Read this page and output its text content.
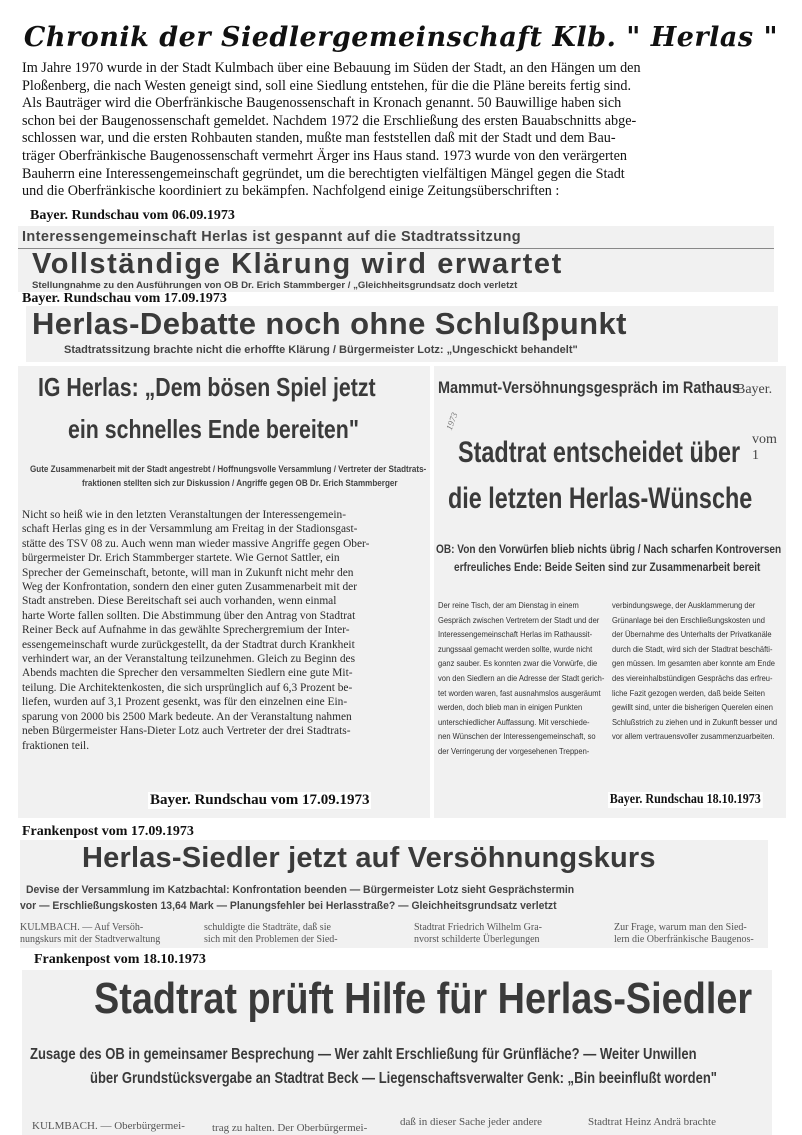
Chronik der Siedlergemeinschaft Klb. " Herlas "
Im Jahre 1970 wurde in der Stadt Kulmbach über eine Bebauung im Süden der Stadt, an den Hängen um den
Ploßenberg, die nach Westen geneigt sind, soll eine Siedlung entstehen, für die die Pläne bereits fertig sind.
Als Bauträger wird die Oberfränkische Baugenossenschaft in Kronach genannt. 50 Bauwillige haben sich
schon bei der Baugenossenschaft gemeldet. Nachdem 1972 die Erschließung des ersten Bauabschnitts abge-
schlossen war, und die ersten Rohbauten standen, mußte man feststellen daß mit der Stadt und dem Bau-
träger Oberfränkische Baugenossenschaft vermehrt Ärger ins Haus stand. 1973 wurde von den verärgerten
Bauherrn eine Interessengemeinschaft gegründet, um die berechtigten vielfältigen Mängel gegen die Stadt
und die Oberfränkische koordiniert zu bekämpfen. Nachfolgend einige Zeitungsüberschriften :
Bayer. Rundschau vom 06.09.1973
Interessengemeinschaft Herlas ist gespannt auf die Stadtratssitzung
Vollständige Klärung wird erwartet
Stellungnahme zu den Ausführungen von OB Dr. Erich Stammberger / „Gleichheitsgrundsatz doch verletzt
Bayer. Rundschau vom 17.09.1973
Herlas-Debatte noch ohne Schlußpunkt
Stadtratssitzung brachte nicht die erhoffte Klärung / Bürgermeister Lotz: „Ungeschickt behandelt"
IG Herlas: „Dem bösen Spiel jetzt
ein schnelles Ende bereiten"
Gute Zusammenarbeit mit der Stadt angestrebt / Hoffnungsvolle Versammlung / Vertreter der Stadtrats-
fraktionen stellten sich zur Diskussion / Angriffe gegen OB Dr. Erich Stammberger
Nicht so heiß wie in den letzten Veranstaltungen der Interessengemein-
schaft Herlas ging es in der Versammlung am Freitag in der Stadionsgast-
stätte des TSV 08 zu. Auch wenn man wieder massive Angriffe gegen Ober-
bürgermeister Dr. Erich Stammberger startete. Wie Gernot Sattler, ein
Sprecher der Gemeinschaft, betonte, will man in Zukunft nicht mehr den
Weg der Konfrontation, sondern den einer guten Zusammenarbeit mit der
Stadt anstreben. Diese Bereitschaft sei auch vorhanden, wenn einmal
harte Worte fallen sollten. Die Abstimmung über den Antrag von Stadtrat
Reiner Beck auf Aufnahme in das gewählte Sprechergremium der Inter-
essengemeinschaft wurde zurückgestellt, da der Stadtrat durch Krankheit
verhindert war, an der Veranstaltung teilzunehmen. Gleich zu Beginn des
Abends machten die Sprecher den versammelten Siedlern eine gute Mit-
teilung. Die Architektenkosten, die sich ursprünglich auf 6,3 Prozent be-
liefen, wurden auf 3,1 Prozent gesenkt, was für den einzelnen eine Ein-
sparung von 2000 bis 2500 Mark bedeute. An der Veranstaltung nahmen
neben Bürgermeister Hans-Dieter Lotz auch Vertreter der drei Stadtrats-
fraktionen teil.
Bayer. Rundschau vom 17.09.1973
Mammut-Versöhnungsgespräch im Rathaus
Bayer.
vom 1
1973
Stadtrat entscheidet über
die letzten Herlas-Wünsche
OB: Von den Vorwürfen blieb nichts übrig / Nach scharfen Kontroversen
erfreuliches Ende: Beide Seiten sind zur Zusammenarbeit bereit
Der reine Tisch, der am Dienstag in einem
Gespräch zwischen Vertretern der Stadt und der
Interessengemeinschaft Herlas im Rathaussit-
zungssaal gemacht werden sollte, wurde nicht
ganz sauber. Es konnten zwar die Vorwürfe, die
von den Siedlern an die Adresse der Stadt gerich-
tet worden waren, fast ausnahmslos ausgeräumt
werden, doch blieb man in einigen Punkten
unterschiedlicher Auffassung. Mit verschiede-
nen Wünschen der Interessengemeinschaft, so
der Verringerung der vorgesehenen Treppen-
verbindungswege, der Ausklammerung der
Grünanlage bei den Erschließungskosten und
der Übernahme des Unterhalts der Privatkanäle
durch die Stadt, wird sich der Stadtrat beschäfti-
gen müssen. Im gesamten aber konnte am Ende
des viereinhalbstündigen Gesprächs das erfreu-
liche Fazit gezogen werden, daß beide Seiten
gewillt sind, unter die bisherigen Querelen einen
Schlußstrich zu ziehen und in Zukunft besser und
vor allem vertrauensvoller zusammenzuarbeiten.
Bayer. Rundschau 18.10.1973
Frankenpost vom 17.09.1973
Herlas-Siedler jetzt auf Versöhnungskurs
Devise der Versammlung im Katzbachtal: Konfrontation beenden — Bürgermeister Lotz sieht Gesprächstermin
vor — Erschließungskosten 13,64 Mark — Planungsfehler bei Herlasstraße? — Gleichheitsgrundsatz verletzt
KULMBACH. — Auf Versöh-
nungskurs mit der Stadtverwaltung
schuldigte die Stadträte, daß sie
sich mit den Problemen der Sied-
Stadtrat Friedrich Wilhelm Gra-
nvorst schilderte Überlegungen
Zur Frage, warum man den Sied-
lern die Oberfränkische Baugenos-
Frankenpost vom 18.10.1973
Stadtrat prüft Hilfe für Herlas-Siedler
Zusage des OB in gemeinsamer Besprechung — Wer zahlt Erschließung für Grünfläche? — Weiter Unwillen
über Grundstücksvergabe an Stadtrat Beck — Liegenschaftsverwalter Genk: „Bin beeinflußt worden"
KULMBACH. — Oberbürgermei- trag zu halten. Der Oberbürgermei-	daß in dieser Sache jeder andere	Stadtrat Heinz Andrä brachte
